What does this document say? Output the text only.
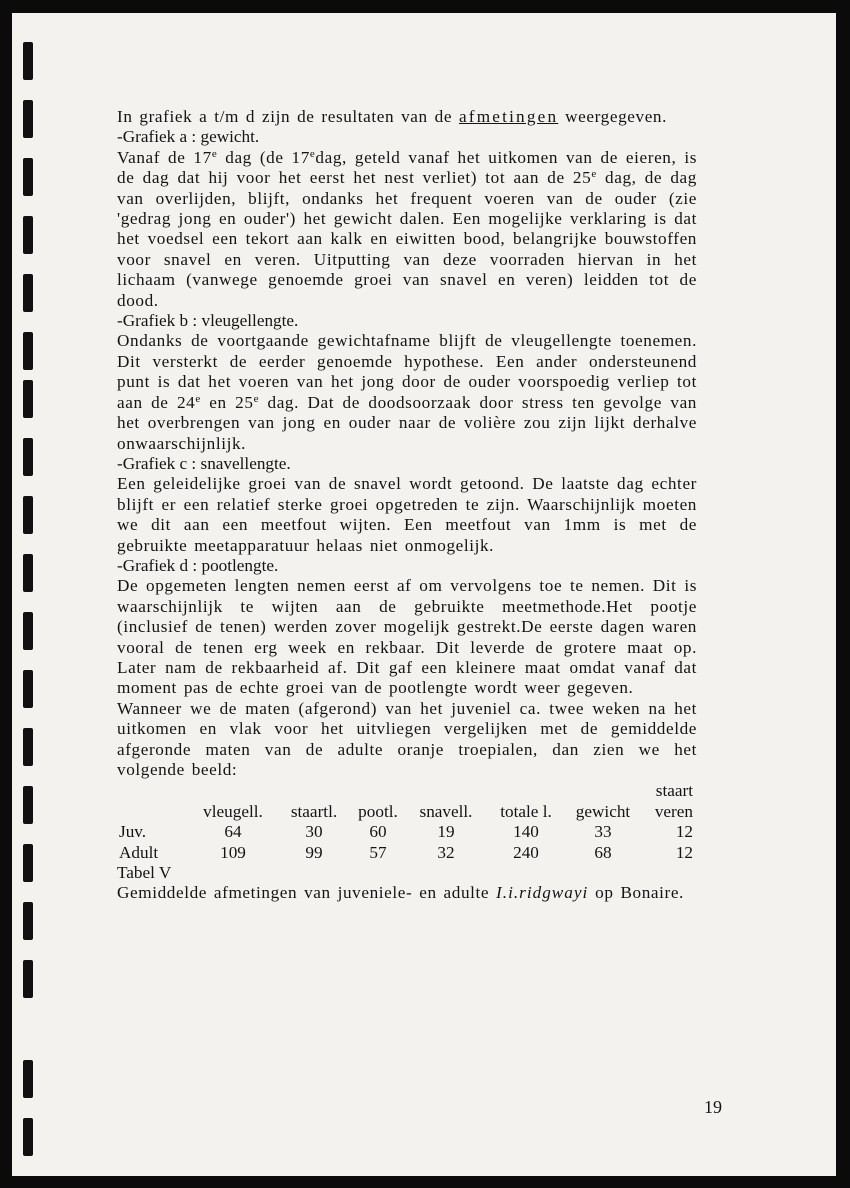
In grafiek a t/m d zijn de resultaten van de afmetingen weergegeven.

-Grafiek a : gewicht.

Vanaf de 17e dag (de 17edag, geteld vanaf het uitkomen van de eieren, is de dag dat hij voor het eerst het nest verliet) tot aan de 25e dag, de dag van overlijden, blijft, ondanks het frequent voeren van de ouder (zie 'gedrag jong en ouder') het gewicht dalen. Een mogelijke verklaring is dat het voedsel een tekort aan kalk en eiwitten bood, belangrijke bouwstoffen voor snavel en veren. Uitputting van deze voorraden hiervan in het lichaam (vanwege genoemde groei van snavel en veren) leidden tot de dood.

-Grafiek b : vleugellengte.

Ondanks de voortgaande gewichtafname blijft de vleugellengte toenemen. Dit versterkt de eerder genoemde hypothese. Een ander ondersteunend punt is dat het voeren van het jong door de ouder voorspoedig verliep tot aan de 24e en 25e dag. Dat de doodsoorzaak door stress ten gevolge van het overbrengen van jong en ouder naar de volière zou zijn lijkt derhalve onwaarschijnlijk.

-Grafiek c : snavellengte.

Een geleidelijke groei van de snavel wordt getoond. De laatste dag echter blijft er een relatief sterke groei opgetreden te zijn. Waarschijnlijk moeten we dit aan een meetfout wijten. Een meetfout van 1mm is met de gebruikte meetapparatuur helaas niet onmogelijk.

-Grafiek d : pootlengte.

De opgemeten lengten nemen eerst af om vervolgens toe te nemen. Dit is waarschijnlijk te wijten aan de gebruikte meetmethode.Het pootje (inclusief de tenen) werden zover mogelijk gestrekt.De eerste dagen waren vooral de tenen erg week en rekbaar. Dit leverde de grotere maat op. Later nam de rekbaarheid af. Dit gaf een kleinere maat omdat vanaf dat moment pas de echte groei van de pootlengte wordt weer gegeven.

Wanneer we de maten (afgerond) van het juveniel ca. twee weken na het uitkomen en vlak voor het uitvliegen vergelijken met de gemiddelde afgeronde maten van de adulte oranje troepialen, dan zien we het volgende beeld:

							staart
	vleugell.	staartl.	pootl.	snavell.	totale l.	gewicht	veren
Juv.	64	30	60	19	140	33	12
Adult	109	99	57	32	240	68	12

Tabel V

Gemiddelde afmetingen van juveniele- en adulte I.i.ridgwayi op Bonaire.

19
